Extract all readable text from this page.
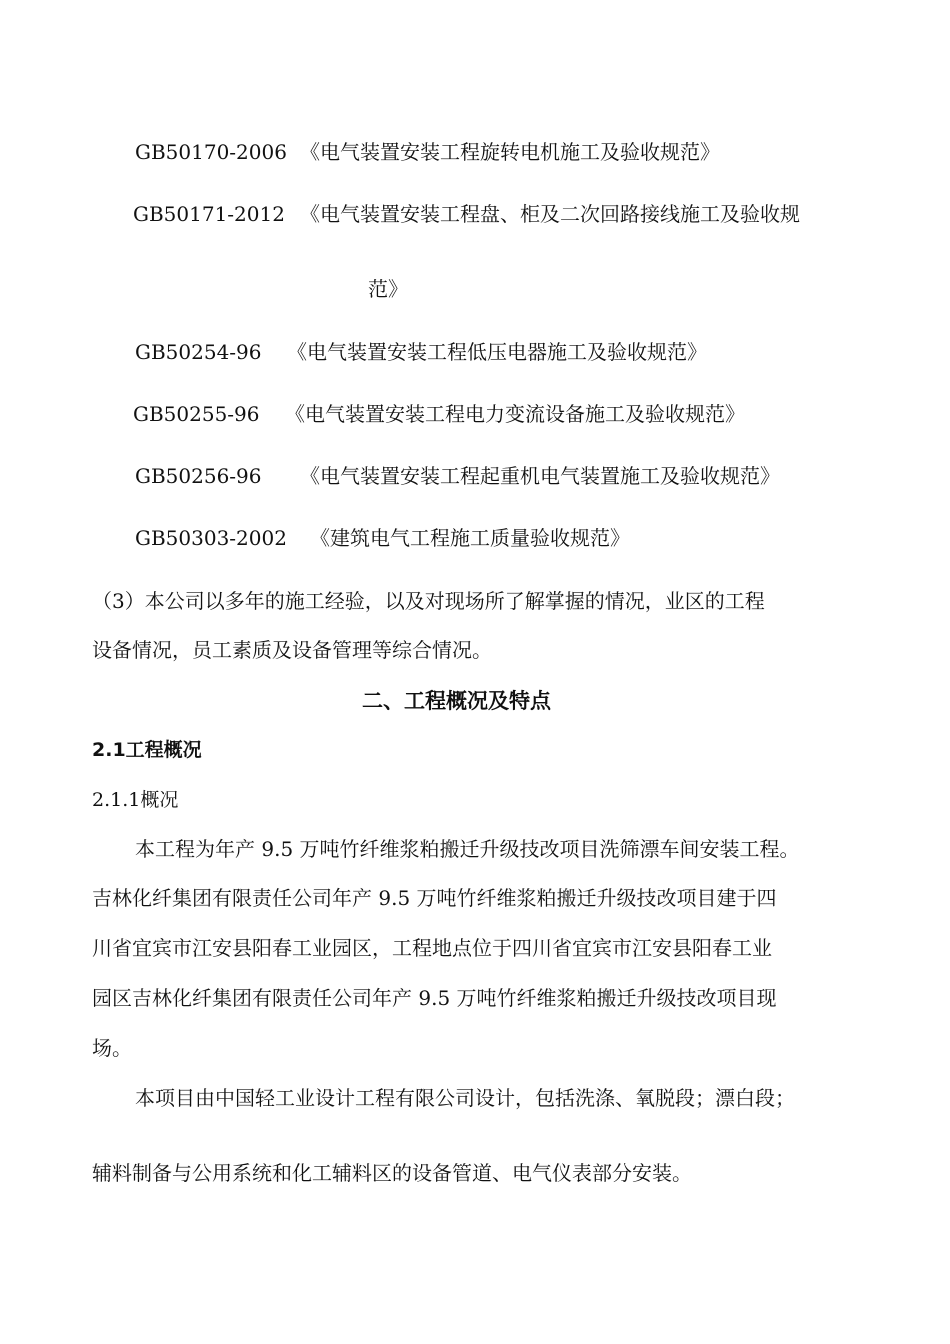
GB50170-2006 《电气装置安装工程旋转电机施工及验收规范》
GB50171-2012 《电气装置安装工程盘、柜及二次回路接线施工及验收规
范》
GB50254-96 《电气装置安装工程低压电器施工及验收规范》
GB50255-96 《电气装置安装工程电力变流设备施工及验收规范》
GB50256-96 《电气装置安装工程起重机电气装置施工及验收规范》
GB50303-2002 《建筑电气工程施工质量验收规范》
（3）本公司以多年的施工经验，以及对现场所了解掌握的情况，业区的工程
设备情况，员工素质及设备管理等综合情况。
二、工程概况及特点
2.1工程概况
2.1.1概况
本工程为年产 9.5 万吨竹纤维浆粕搬迁升级技改项目洗筛漂车间安装工程。
吉林化纤集团有限责任公司年产 9.5 万吨竹纤维浆粕搬迁升级技改项目建于四
川省宜宾市江安县阳春工业园区，工程地点位于四川省宜宾市江安县阳春工业
园区吉林化纤集团有限责任公司年产 9.5 万吨竹纤维浆粕搬迁升级技改项目现
场。
本项目由中国轻工业设计工程有限公司设计，包括洗涤、氧脱段；漂白段；
辅料制备与公用系统和化工辅料区的设备管道、电气仪表部分安装。
